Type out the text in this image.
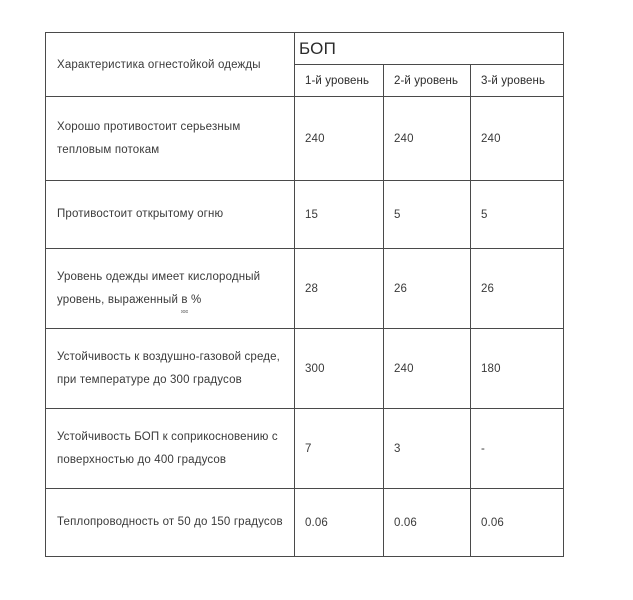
Характеристика огнестойкой одежды	БОП		
	1-й уровень	2-й уровень	3-й уровень
Хорошо противостоит серьезным
тепловым потокам	240	240	240
Противостоит открытому огню	15	5	5
Уровень одежды имеет кислородный
уровень, выраженный в %	28	26	26
Устойчивость к воздушно-газовой среде,
при температуре до 300 градусов	300	240	180
Устойчивость БОП к соприкосновению с
поверхностью до 400 градусов	7	3	-
Теплопроводность от 50 до 150 градусов	0.06	0.06	0.06
